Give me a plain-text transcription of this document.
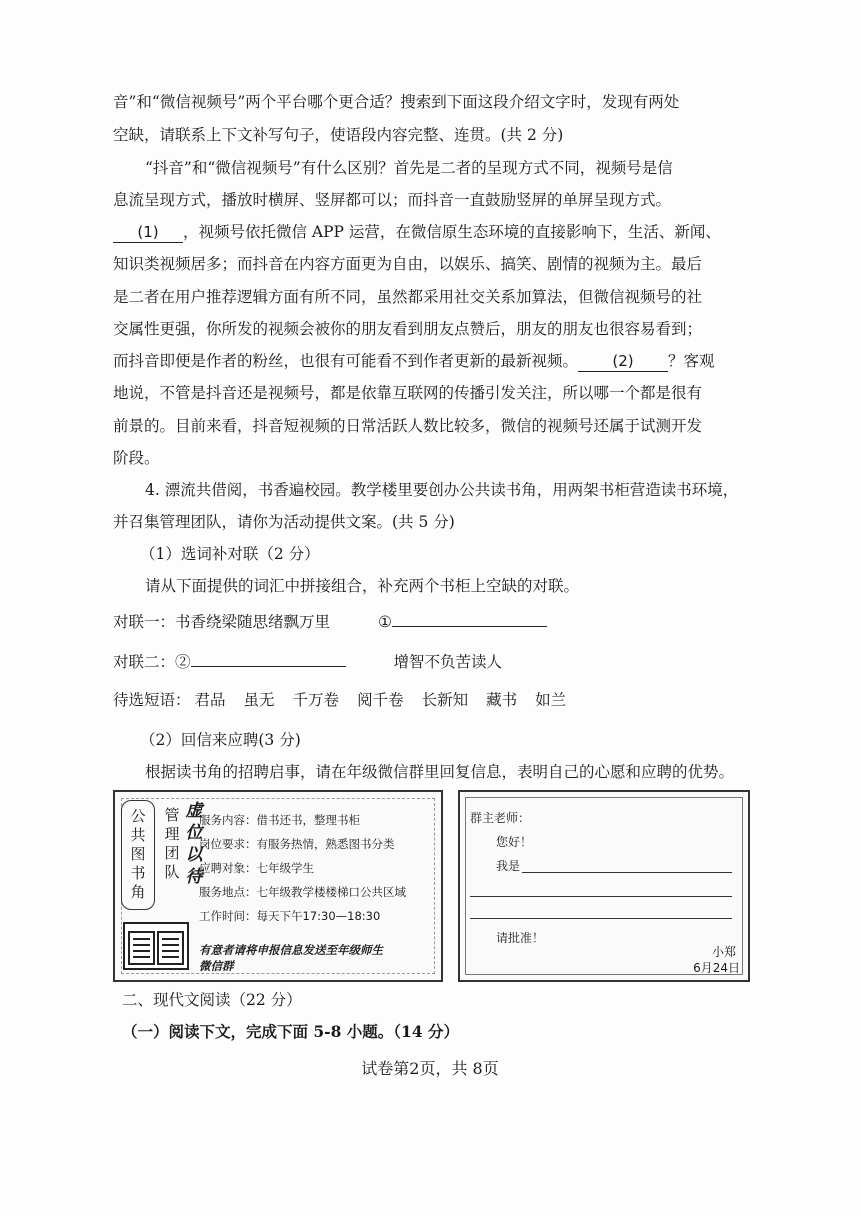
音”和“微信视频号”两个平台哪个更合适？搜索到下面这段介绍文字时，发现有两处
空缺，请联系上下文补写句子，使语段内容完整、连贯。(共 2 分)
“抖音”和“微信视频号”有什么区别？首先是二者的呈现方式不同，视频号是信
息流呈现方式，播放时横屏、竖屏都可以；而抖音一直鼓励竖屏的单屏呈现方式。
(1) ，视频号依托微信 APP 运营，在微信原生态环境的直接影响下，生活、新闻、
知识类视频居多；而抖音在内容方面更为自由，以娱乐、搞笑、剧情的视频为主。最后
是二者在用户推荐逻辑方面有所不同，虽然都采用社交关系加算法，但微信视频号的社
交属性更强，你所发的视频会被你的朋友看到朋友点赞后，朋友的朋友也很容易看到；
而抖音即便是作者的粉丝，也很有可能看不到作者更新的最新视频。 (2) ？客观
地说，不管是抖音还是视频号，都是依靠互联网的传播引发关注，所以哪一个都是很有
前景的。目前来看，抖音短视频的日常活跃人数比较多，微信的视频号还属于试测开发
阶段。
4. 漂流共借阅，书香遍校园。教学楼里要创办公共读书角，用两架书柜营造读书环境，
并召集管理团队，请你为活动提供文案。(共 5 分)
（1）选词补对联（2 分）
请从下面提供的词汇中拼接组合，补充两个书柜上空缺的对联。
对联一：书香绕梁随思绪飘万里	①
对联二：②	增智不负苦读人
待选短语： 君品 虽无 千万卷 阅千卷 长新知 藏书 如兰
（2）回信来应聘(3 分)
根据读书角的招聘启事，请在年级微信群里回复信息，表明自己的心愿和应聘的优势。
公共图书角
管理团队
虚位以待
服务内容：借书还书，整理书柜
岗位要求：有服务热情，熟悉图书分类
应聘对象：七年级学生
服务地点：七年级教学楼楼梯口公共区域
工作时间：每天下午17:30—18:30
有意者请将申报信息发送至年级师生
微信群
群主老师：
您好！
我是
请批准！
小郑
6月24日
二、现代文阅读（22 分）
（一）阅读下文，完成下面 5-8 小题。（14 分）
试卷第2页，共 8页
